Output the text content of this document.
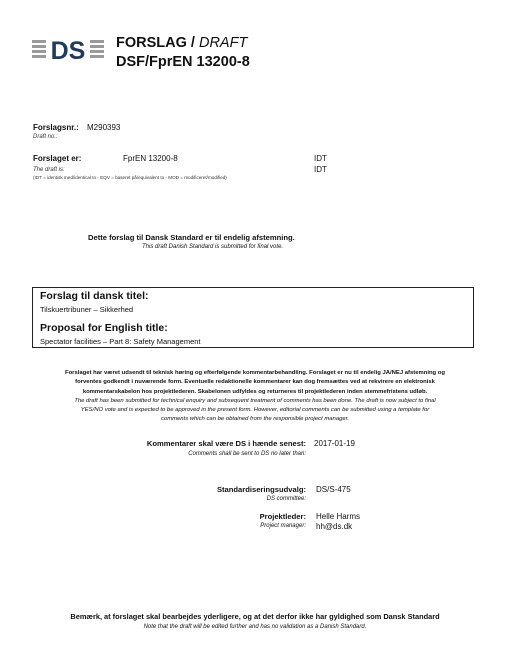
DS FORSLAG / DRAFT
DSF/FprEN 13200-8
Forslagsnr.: M290393
Draft no.:
Forslaget er:	FprEN 13200-8	IDT
The draft is:	IDT
(IDT = identisk med/identical to - EQV = baseret på/equivalent to - MOD = modificeret/modified)
Dette forslag til Dansk Standard er til endelig afstemning.
This draft Danish Standard is submitted for final vote.
Forslag til dansk titel:
Tilskuertribuner – Sikkerhed
Proposal for English title:
Spectator facilities – Part 8: Safety Management
Forslaget har været udsendt til teknisk høring og efterfølgende kommentarbehandling. Forslaget er nu til endelig JA/NEJ afstemning og
forventes godkendt i nuværende form. Eventuelle redaktionelle kommentarer kan dog fremsættes ved at rekvirere en elektronisk
kommentarskabelon hos projektlederen. Skabelonen udfyldes og returneres til projektlederen inden stemmefristens udløb.
The draft has been submitted for technical enquiry and subsequent treatment of comments has been done. The draft is now subject to final
YES/NO vote and is expected to be approved in the present form. However, editorial comments can be submitted using a template for
comments which can be obtained from the responsible project manager.
Kommentarer skal være DS i hænde senest: 2017-01-19
Comments shall be sent to DS no later than:
Standardiseringsudvalg: DS/S-475
DS committee:
Projektleder: Helle Harms
Project manager: hh@ds.dk
Bemærk, at forslaget skal bearbejdes yderligere, og at det derfor ikke har gyldighed som Dansk Standard
Note that the draft will be edited further and has no validation as a Danish Standard.
